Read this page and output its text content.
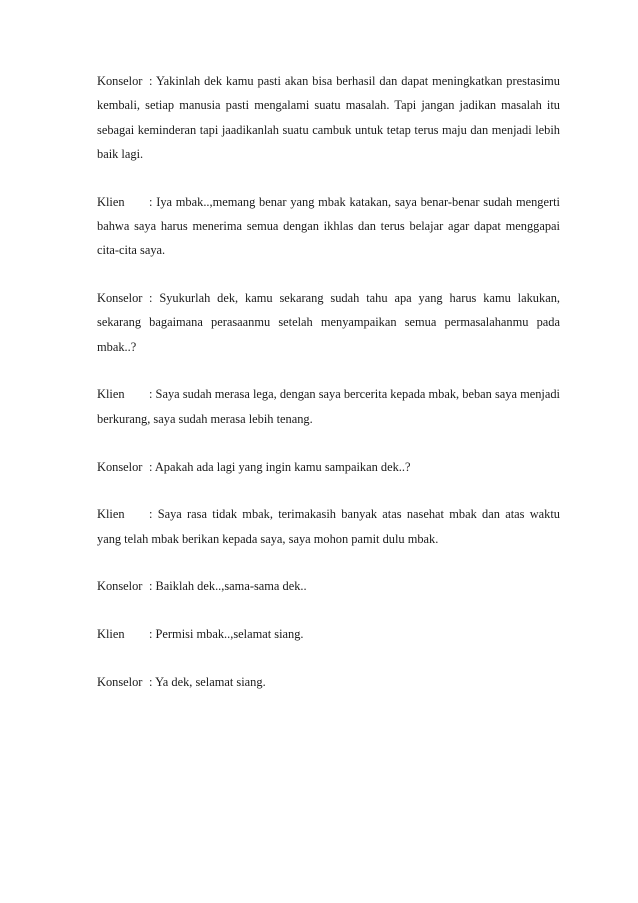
Konselor : Yakinlah dek kamu pasti akan bisa berhasil dan dapat meningkatkan prestasimu kembali, setiap manusia pasti mengalami suatu masalah. Tapi jangan jadikan masalah itu sebagai keminderan tapi jaadikanlah suatu cambuk untuk tetap terus maju dan menjadi lebih baik lagi.

Klien : Iya mbak..,memang benar yang mbak katakan, saya benar-benar sudah mengerti bahwa saya harus menerima semua dengan ikhlas dan terus belajar agar dapat menggapai cita-cita saya.

Konselor : Syukurlah dek, kamu sekarang sudah tahu apa yang harus kamu lakukan, sekarang bagaimana perasaanmu setelah menyampaikan semua permasalahanmu pada mbak..?

Klien : Saya sudah merasa lega, dengan saya bercerita kepada mbak, beban saya menjadi berkurang, saya sudah merasa lebih tenang.

Konselor : Apakah ada lagi yang ingin kamu sampaikan dek..?

Klien : Saya rasa tidak mbak, terimakasih banyak atas nasehat mbak dan atas waktu yang telah mbak berikan kepada saya, saya mohon pamit dulu mbak.

Konselor : Baiklah dek..,sama-sama dek..

Klien : Permisi mbak..,selamat siang.

Konselor : Ya dek, selamat siang.
